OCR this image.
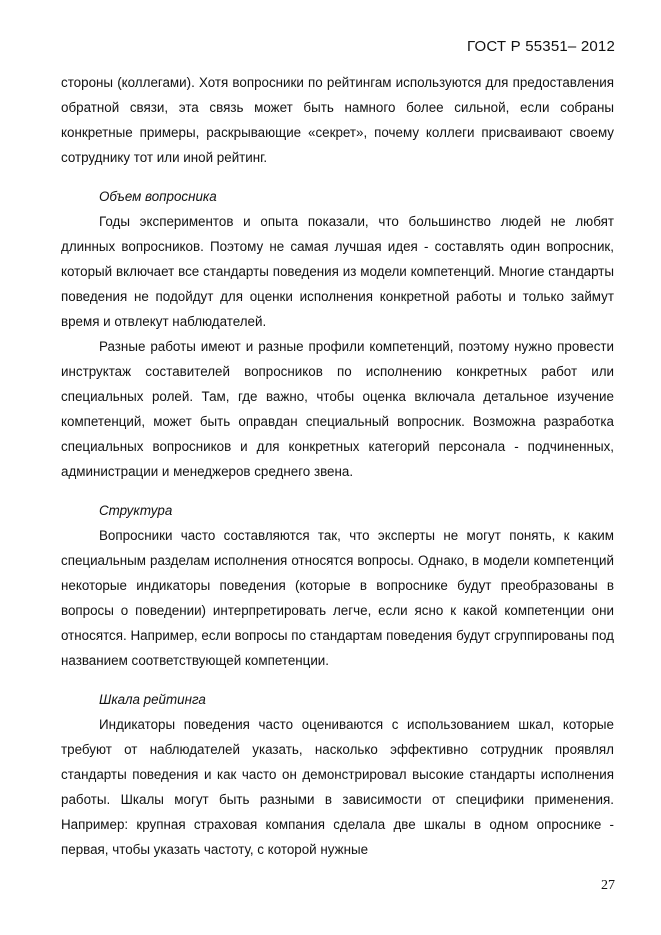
ГОСТ Р 55351– 2012

стороны (коллегами). Хотя вопросники по рейтингам используются для предоставления обратной связи, эта связь может быть намного более сильной, если собраны конкретные примеры, раскрывающие «секрет», почему коллеги присваивают своему сотруднику тот или иной рейтинг.

Объем вопросника

Годы экспериментов и опыта показали, что большинство людей не любят длинных вопросников. Поэтому не самая лучшая идея - составлять один вопросник, который включает все стандарты поведения из модели компетенций. Многие стандарты поведения не подойдут для оценки исполнения конкретной работы и только займут время и отвлекут наблюдателей.

Разные работы имеют и разные профили компетенций, поэтому нужно провести инструктаж составителей вопросников по исполнению конкретных работ или специальных ролей. Там, где важно, чтобы оценка включала детальное изучение компетенций, может быть оправдан специальный вопросник. Возможна разработка специальных вопросников и для конкретных категорий персонала - подчиненных, администрации и менеджеров среднего звена.

Структура

Вопросники часто составляются так, что эксперты не могут понять, к каким специальным разделам исполнения относятся вопросы. Однако, в модели компетенций некоторые индикаторы поведения (которые в вопроснике будут преобразованы в вопросы о поведении) интерпретировать легче, если ясно к какой компетенции они относятся. Например, если вопросы по стандартам поведения будут сгруппированы под названием соответствующей компетенции.

Шкала рейтинга

Индикаторы поведения часто оцениваются с использованием шкал, которые требуют от наблюдателей указать, насколько эффективно сотрудник проявлял стандарты поведения и как часто он демонстрировал высокие стандарты исполнения работы. Шкалы могут быть разными в зависимости от специфики применения. Например: крупная страховая компания сделала две шкалы в одном опроснике - первая, чтобы указать частоту, с которой нужные

27
